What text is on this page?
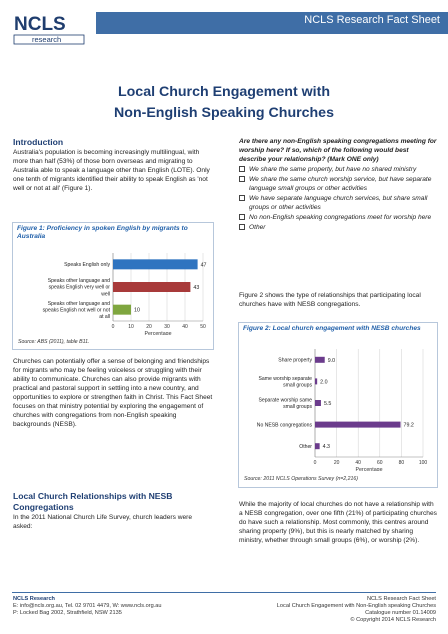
NCLS
research
NCLS Research Fact Sheet
Local Church Engagement with
Non-English Speaking Churches
Introduction
Australia's population is becoming increasingly multilingual, with more than half (53%) of those born overseas and migrating to Australia able to speak a language other than English (LOTE). Only one tenth of migrants identified their ability to speak English as 'not well or not at all' (Figure 1).
Figure 1: Proficiency in spoken English by migrants to Australia
0	10 20 30 40 50
Percentage
47
Speaks English only
43
Speaks other language and
speaks English very well or
well
10
Speaks other language and
speaks English not well or not
at all
Source: ABS (2011), table B11.
Churches can potentially offer a sense of belonging and friendships for migrants who may be feeling voiceless or struggling with their ability to communicate. Churches can also provide migrants with practical and pastoral support in settling into a new country, and opportunities to explore or strengthen faith in Christ. This Fact Sheet focuses on that ministry potential by exploring the engagement of churches with congregations from non-English speaking backgrounds (NESB).
Local Church Relationships with NESB Congregations
In the 2011 National Church Life Survey, church leaders were asked:
Are there any non-English speaking congregations meeting for worship here? If so, which of the following would best describe your relationship? (Mark ONE only)
We share the same property, but have no shared ministry
We share the same church worship service, but have separate language small groups or other activities
We have separate language church services, but share small groups or other activities
No non-English speaking congregations meet for worship here
Other
Figure 2 shows the type of relationships that participating local churches have with NESB congregations.
Figure 2: Local church engagement with NESB churches
0	20	40	60	80	100
Percentage
9.0
Share property
2.0
Same worship separate
small groups
5.5
Separate worship same
small groups
79.2
No NESB congregations
4.3
Other
Source: 2011 NCLS Operations Survey (n=2,216)
While the majority of local churches do not have a relationship with a NESB congregation, over one fifth (21%) of participating churches do have such a relationship. Most commonly, this centres around sharing property (9%), but this is nearly matched by sharing ministry, whether through small groups (6%), or worship (2%).
NCLS Research
E: info@ncls.org.au, Tel. 02 9701 4479, W: www.ncls.org.au
P: Locked Bag 2002, Strathfield, NSW 2135
NCLS Research Fact Sheet
Local Church Engagement with Non-English speaking Churches
Catalogue number 01.14009
© Copyright 2014 NCLS Research
